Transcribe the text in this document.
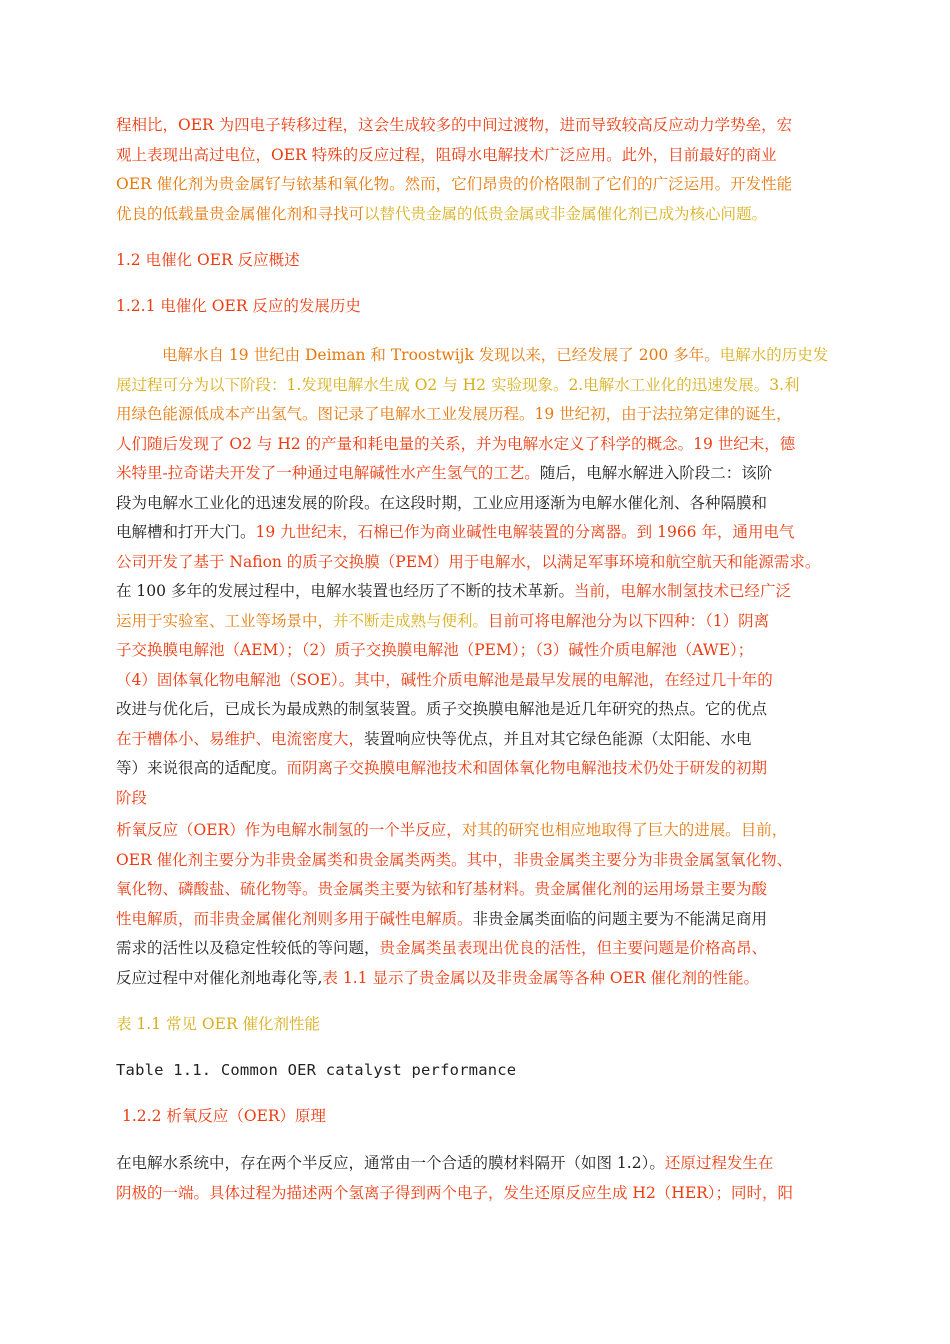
程相比，OER 为四电子转移过程，这会生成较多的中间过渡物，进而导致较高反应动力学势垒，宏
观上表现出高过电位，OER 特殊的反应过程，阻碍水电解技术广泛应用。此外，目前最好的商业
OER 催化剂为贵金属钌与铱基和氧化物。然而，它们昂贵的价格限制了它们的广泛运用。开发性能
优良的低载量贵金属催化剂和寻找可以替代贵金属的低贵金属或非金属催化剂已成为核心问题。
1.2 电催化 OER 反应概述
1.2.1 电催化 OER 反应的发展历史
电解水自 19 世纪由 Deiman 和 Troostwijk 发现以来，已经发展了 200 多年。电解水的历史发
展过程可分为以下阶段：1.发现电解水生成 O2 与 H2 实验现象。2.电解水工业化的迅速发展。3.利
用绿色能源低成本产出氢气。图记录了电解水工业发展历程。19 世纪初，由于法拉第定律的诞生，
人们随后发现了 O2 与 H2 的产量和耗电量的关系，并为电解水定义了科学的概念。19 世纪末，德
米特里-拉奇诺夫开发了一种通过电解碱性水产生氢气的工艺。随后，电解水解进入阶段二：该阶
段为电解水工业化的迅速发展的阶段。在这段时期，工业应用逐渐为电解水催化剂、各种隔膜和
电解槽和打开大门。19 九世纪末，石棉已作为商业碱性电解装置的分离器。到 1966 年，通用电气
公司开发了基于 Nafion 的质子交换膜（PEM）用于电解水，以满足军事环境和航空航天和能源需求。
在 100 多年的发展过程中，电解水装置也经历了不断的技术革新。当前，电解水制氢技术已经广泛
运用于实验室、工业等场景中，并不断走成熟与便利。目前可将电解池分为以下四种：（1）阴离
子交换膜电解池（AEM）；（2）质子交换膜电解池（PEM）；（3）碱性介质电解池（AWE）；
（4）固体氧化物电解池（SOE）。其中，碱性介质电解池是最早发展的电解池，在经过几十年的
改进与优化后，已成长为最成熟的制氢装置。质子交换膜电解池是近几年研究的热点。它的优点
在于槽体小、易维护、电流密度大，装置响应快等优点，并且对其它绿色能源（太阳能、水电
等）来说很高的适配度。而阴离子交换膜电解池技术和固体氧化物电解池技术仍处于研发的初期
阶段
析氧反应（OER）作为电解水制氢的一个半反应，对其的研究也相应地取得了巨大的进展。目前，
OER 催化剂主要分为非贵金属类和贵金属类两类。其中，非贵金属类主要分为非贵金属氢氧化物、
氧化物、磷酸盐、硫化物等。贵金属类主要为铱和钌基材料。贵金属催化剂的运用场景主要为酸
性电解质，而非贵金属催化剂则多用于碱性电解质。非贵金属类面临的问题主要为不能满足商用
需求的活性以及稳定性较低的等问题，贵金属类虽表现出优良的活性，但主要问题是价格高昂、
反应过程中对催化剂地毒化等,表 1.1 显示了贵金属以及非贵金属等各种 OER 催化剂的性能。
表 1.1 常见 OER 催化剂性能
Table 1.1. Common OER catalyst performance
1.2.2 析氧反应（OER）原理
在电解水系统中，存在两个半反应，通常由一个合适的膜材料隔开（如图 1.2）。还原过程发生在
阴极的一端。具体过程为描述两个氢离子得到两个电子，发生还原反应生成 H2（HER）；同时，阳
